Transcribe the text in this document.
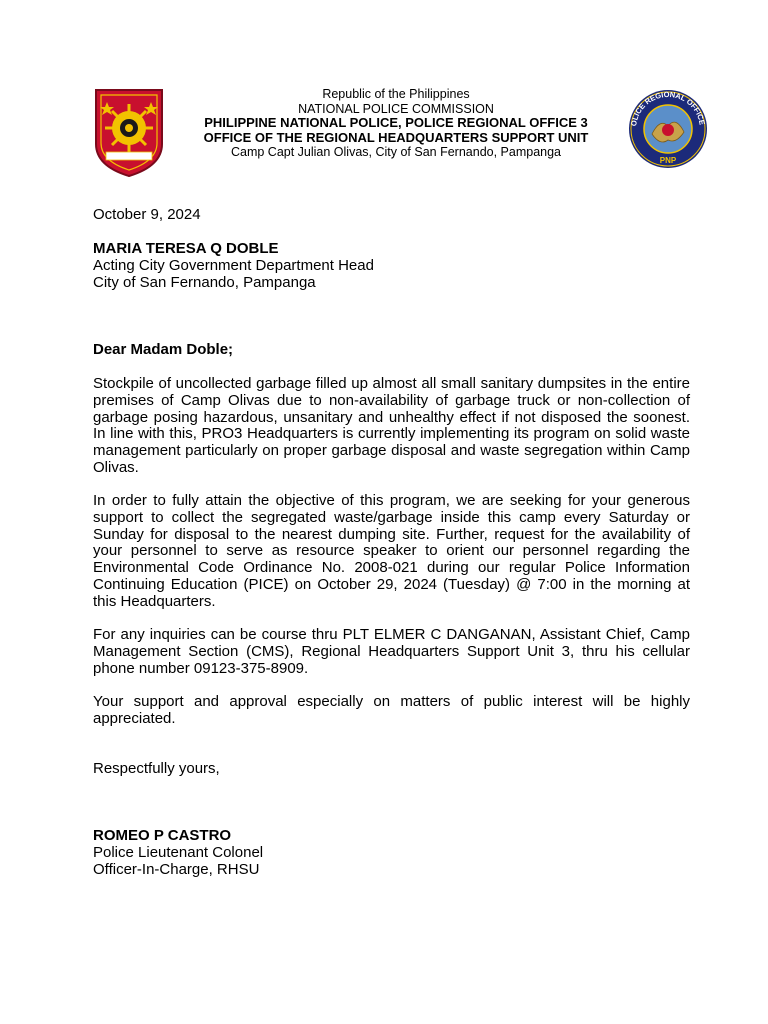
Republic of the Philippines
NATIONAL POLICE COMMISSION
PHILIPPINE NATIONAL POLICE, POLICE REGIONAL OFFICE 3
OFFICE OF THE REGIONAL HEADQUARTERS SUPPORT UNIT
Camp Capt Julian Olivas, City of San Fernando, Pampanga
OLICE REGIONAL OFFICE
PNP
October 9, 2024
MARIA TERESA Q DOBLE
Acting City Government Department Head
City of San Fernando, Pampanga
Dear Madam Doble;
Stockpile of uncollected garbage filled up almost all small sanitary dumpsites in the entire premises of Camp Olivas due to non-availability of garbage truck or non-collection of garbage posing hazardous, unsanitary and unhealthy effect if not disposed the soonest. In line with this, PRO3 Headquarters is currently implementing its program on solid waste management particularly on proper garbage disposal and waste segregation within Camp Olivas.
In order to fully attain the objective of this program, we are seeking for your generous support to collect the segregated waste/garbage inside this camp every Saturday or Sunday for disposal to the nearest dumping site. Further, request for the availability of your personnel to serve as resource speaker to orient our personnel regarding the Environmental Code Ordinance No. 2008-021 during our regular Police Information Continuing Education (PICE) on October 29, 2024 (Tuesday) @ 7:00 in the morning at this Headquarters.
For any inquiries can be course thru PLT ELMER C DANGANAN, Assistant Chief, Camp Management Section (CMS), Regional Headquarters Support Unit 3, thru his cellular phone number 09123-375-8909.
Your support and approval especially on matters of public interest will be highly appreciated.
Respectfully yours,
ROMEO P CASTRO
Police Lieutenant Colonel
Officer-In-Charge, RHSU
